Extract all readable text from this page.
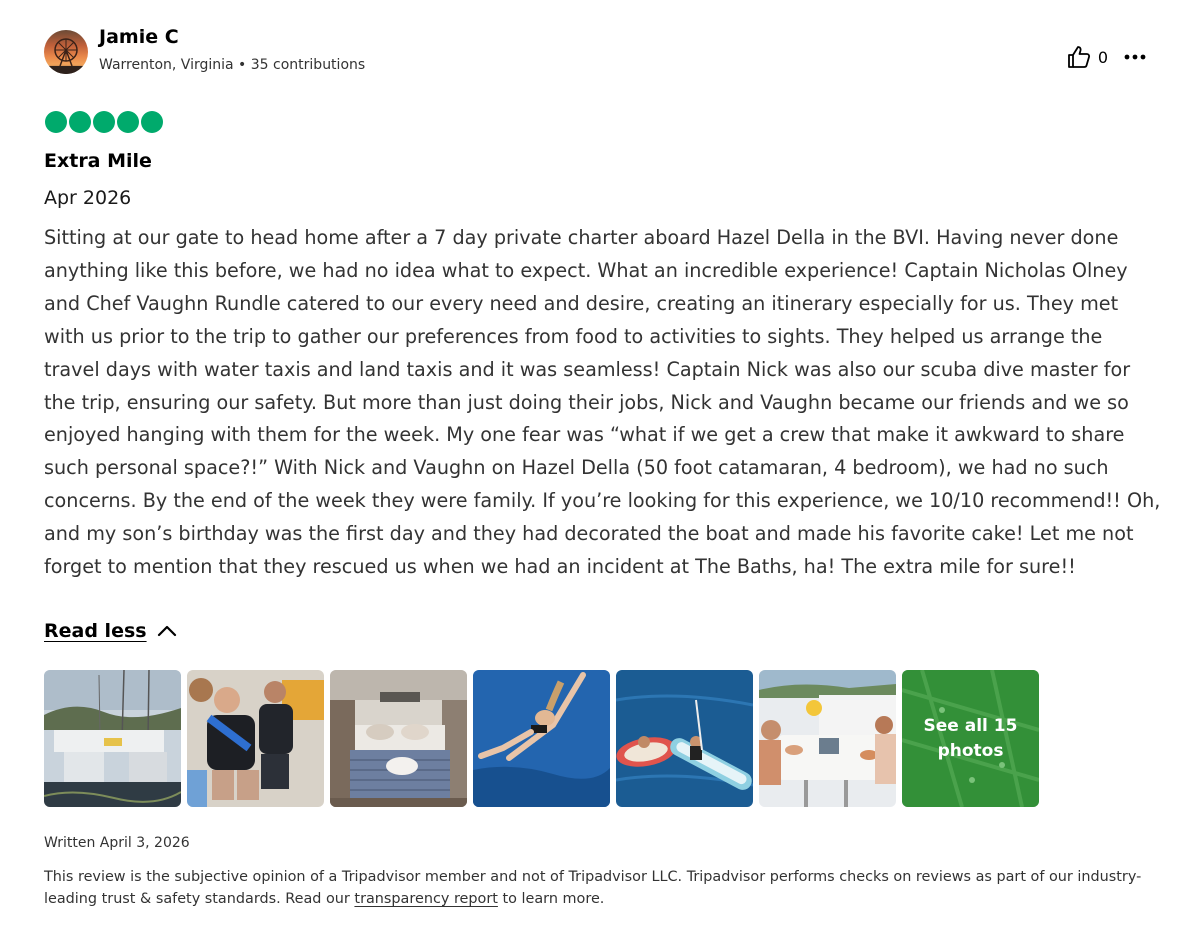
Jamie C
Warrenton, Virginia • 35 contributions	0
Extra Mile
Apr 2026
Sitting at our gate to head home after a 7 day private charter aboard Hazel Della in the BVI. Having never done anything like this before, we had no idea what to expect. What an incredible experience! Captain Nicholas Olney and Chef Vaughn Rundle catered to our every need and desire, creating an itinerary especially for us. They met with us prior to the trip to gather our preferences from food to activities to sights. They helped us arrange the travel days with water taxis and land taxis and it was seamless! Captain Nick was also our scuba dive master for the trip, ensuring our safety. But more than just doing their jobs, Nick and Vaughn became our friends and we so enjoyed hanging with them for the week. My one fear was “what if we get a crew that make it awkward to share such personal space?!” With Nick and Vaughn on Hazel Della (50 foot catamaran, 4 bedroom), we had no such concerns. By the end of the week they were family. If you’re looking for this experience, we 10/10 recommend!! Oh, and my son’s birthday was the first day and they had decorated the boat and made his favorite cake! Let me not forget to mention that they rescued us when we had an incident at The Baths, ha! The extra mile for sure!!
Read less
See all 15
photos
Written April 3, 2026
This review is the subjective opinion of a Tripadvisor member and not of Tripadvisor LLC. Tripadvisor performs checks on reviews as part of our industry-leading trust & safety standards. Read our transparency report to learn more.
